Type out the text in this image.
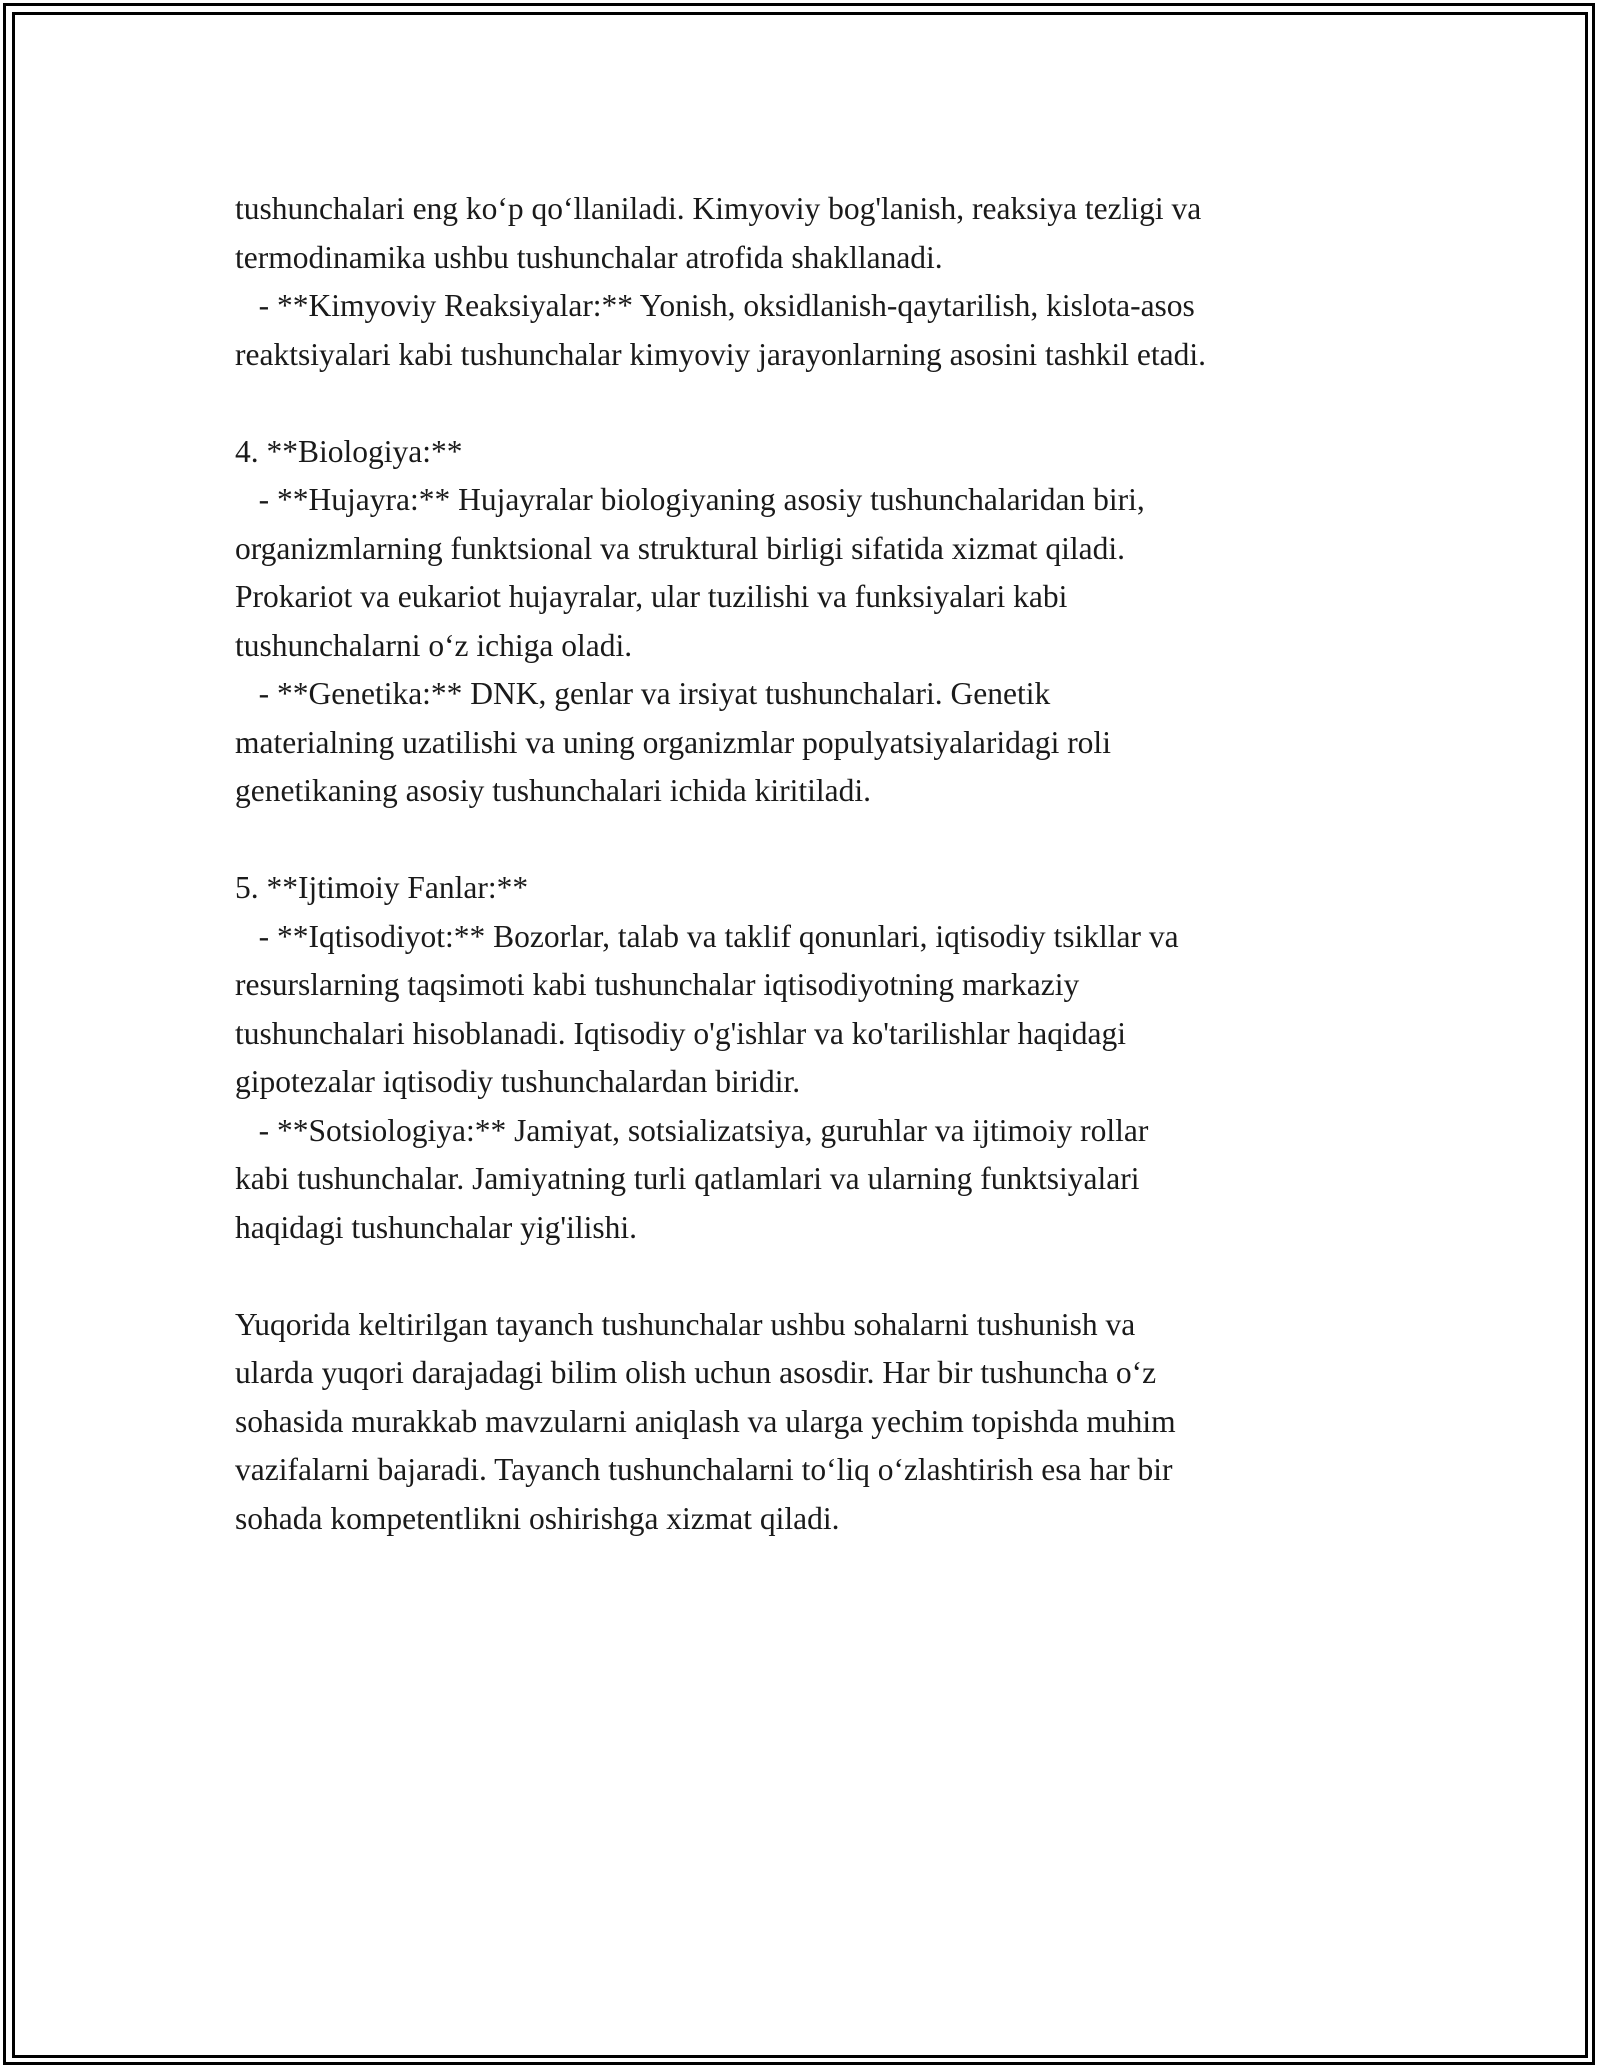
tushunchalari eng koʻp qoʻllaniladi. Kimyoviy bog'lanish, reaksiya tezligi va
termodinamika ushbu tushunchalar atrofida shakllanadi.
- **Kimyoviy Reaksiyalar:** Yonish, oksidlanish-qaytarilish, kislota-asos
reaktsiyalari kabi tushunchalar kimyoviy jarayonlarning asosini tashkil etadi.
4. **Biologiya:**
- **Hujayra:** Hujayralar biologiyaning asosiy tushunchalaridan biri,
organizmlarning funktsional va struktural birligi sifatida xizmat qiladi.
Prokariot va eukariot hujayralar, ular tuzilishi va funksiyalari kabi
tushunchalarni oʻz ichiga oladi.
- **Genetika:** DNK, genlar va irsiyat tushunchalari. Genetik
materialning uzatilishi va uning organizmlar populyatsiyalaridagi roli
genetikaning asosiy tushunchalari ichida kiritiladi.
5. **Ijtimoiy Fanlar:**
- **Iqtisodiyot:** Bozorlar, talab va taklif qonunlari, iqtisodiy tsikllar va
resurslarning taqsimoti kabi tushunchalar iqtisodiyotning markaziy
tushunchalari hisoblanadi. Iqtisodiy o'g'ishlar va ko'tarilishlar haqidagi
gipotezalar iqtisodiy tushunchalardan biridir.
- **Sotsiologiya:** Jamiyat, sotsializatsiya, guruhlar va ijtimoiy rollar
kabi tushunchalar. Jamiyatning turli qatlamlari va ularning funktsiyalari
haqidagi tushunchalar yig'ilishi.
Yuqorida keltirilgan tayanch tushunchalar ushbu sohalarni tushunish va
ularda yuqori darajadagi bilim olish uchun asosdir. Har bir tushuncha oʻz
sohasida murakkab mavzularni aniqlash va ularga yechim topishda muhim
vazifalarni bajaradi. Tayanch tushunchalarni toʻliq oʻzlashtirish esa har bir
sohada kompetentlikni oshirishga xizmat qiladi.
